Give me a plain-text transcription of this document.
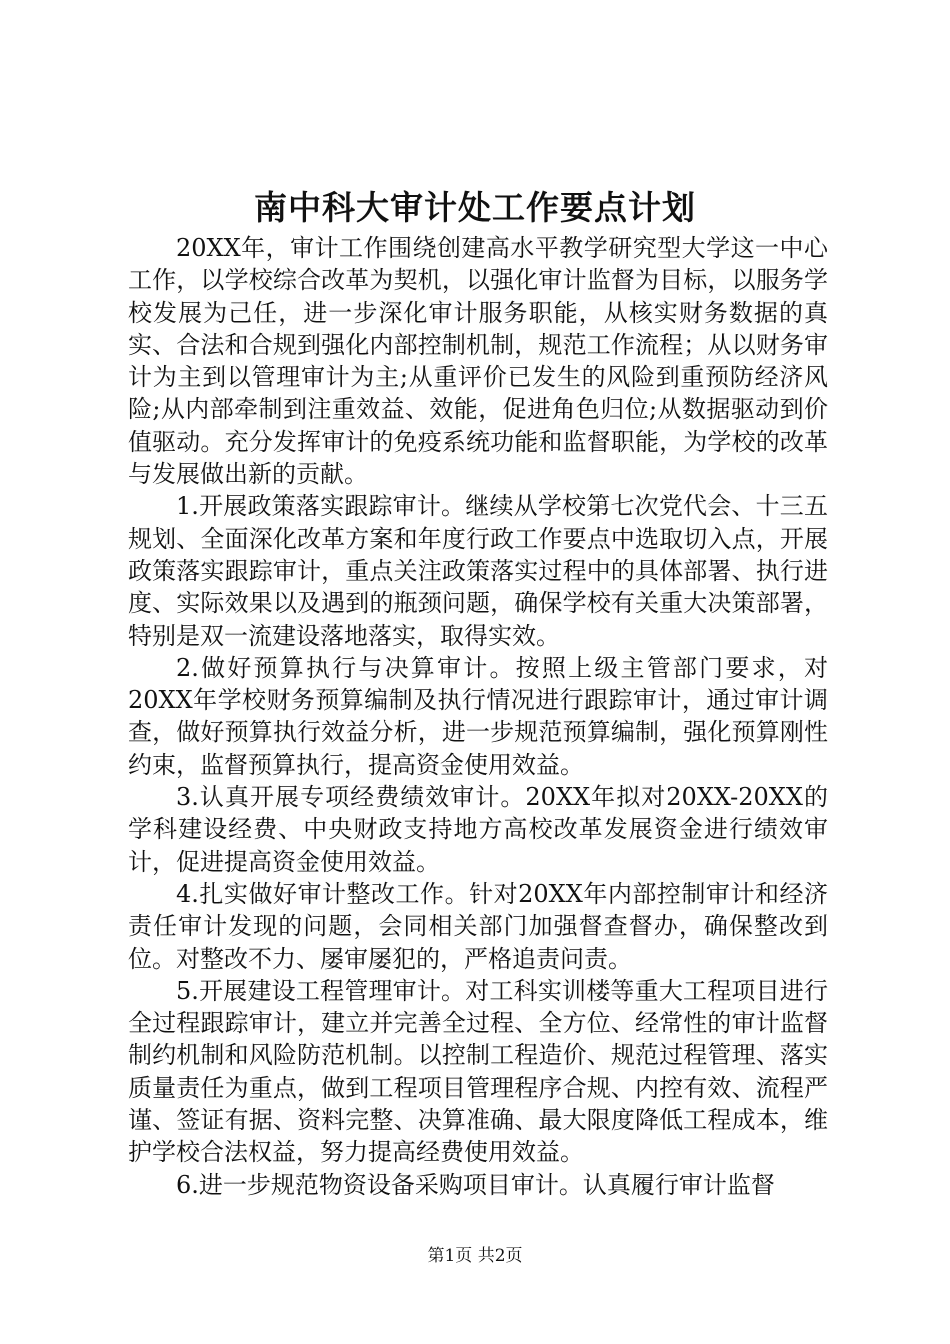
南中科大审计处工作要点计划

20XX年，审计工作围绕创建高水平教学研究型大学这一中心工作，以学校综合改革为契机，以强化审计监督为目标，以服务学校发展为己任，进一步深化审计服务职能，从核实财务数据的真实、合法和合规到强化内部控制机制，规范工作流程；从以财务审计为主到以管理审计为主;从重评价已发生的风险到重预防经济风险;从内部牵制到注重效益、效能，促进角色归位;从数据驱动到价值驱动。充分发挥审计的免疫系统功能和监督职能，为学校的改革与发展做出新的贡献。

1.开展政策落实跟踪审计。继续从学校第七次党代会、十三五规划、全面深化改革方案和年度行政工作要点中选取切入点，开展政策落实跟踪审计，重点关注政策落实过程中的具体部署、执行进度、实际效果以及遇到的瓶颈问题，确保学校有关重大决策部署，特别是双一流建设落地落实，取得实效。

2.做好预算执行与决算审计。按照上级主管部门要求，对20XX年学校财务预算编制及执行情况进行跟踪审计，通过审计调查，做好预算执行效益分析，进一步规范预算编制，强化预算刚性约束，监督预算执行，提高资金使用效益。

3.认真开展专项经费绩效审计。20XX年拟对20XX-20XX的学科建设经费、中央财政支持地方高校改革发展资金进行绩效审计，促进提高资金使用效益。

4.扎实做好审计整改工作。针对20XX年内部控制审计和经济责任审计发现的问题，会同相关部门加强督查督办，确保整改到位。对整改不力、屡审屡犯的，严格追责问责。

5.开展建设工程管理审计。对工科实训楼等重大工程项目进行全过程跟踪审计，建立并完善全过程、全方位、经常性的审计监督制约机制和风险防范机制。以控制工程造价、规范过程管理、落实质量责任为重点，做到工程项目管理程序合规、内控有效、流程严谨、签证有据、资料完整、决算准确、最大限度降低工程成本，维护学校合法权益，努力提高经费使用效益。

6.进一步规范物资设备采购项目审计。认真履行审计监督

第1页 共2页
